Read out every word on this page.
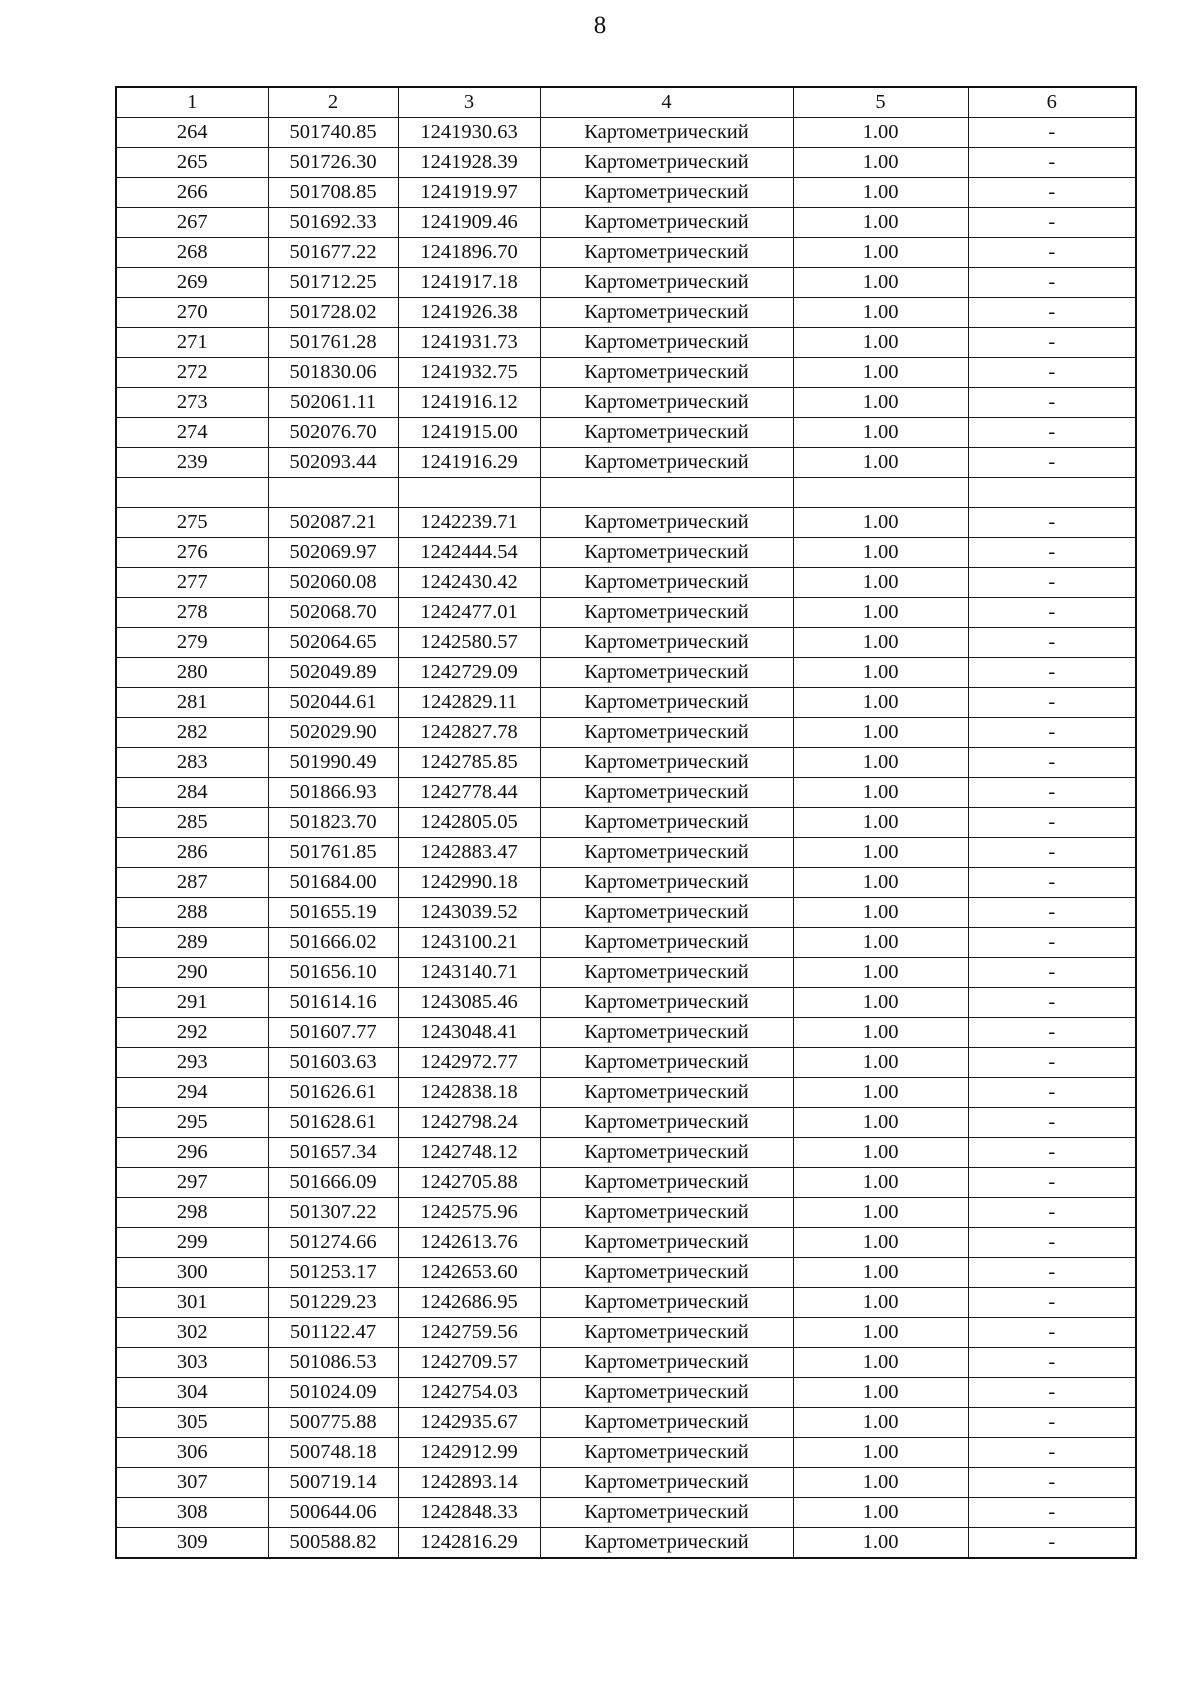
8
1	2	3	4	5	6
264	501740.85	1241930.63	Картометрический	1.00	-
265	501726.30	1241928.39	Картометрический	1.00	-
266	501708.85	1241919.97	Картометрический	1.00	-
267	501692.33	1241909.46	Картометрический	1.00	-
268	501677.22	1241896.70	Картометрический	1.00	-
269	501712.25	1241917.18	Картометрический	1.00	-
270	501728.02	1241926.38	Картометрический	1.00	-
271	501761.28	1241931.73	Картометрический	1.00	-
272	501830.06	1241932.75	Картометрический	1.00	-
273	502061.11	1241916.12	Картометрический	1.00	-
274	502076.70	1241915.00	Картометрический	1.00	-
239	502093.44	1241916.29	Картометрический	1.00	-

275	502087.21	1242239.71	Картометрический	1.00	-
276	502069.97	1242444.54	Картометрический	1.00	-
277	502060.08	1242430.42	Картометрический	1.00	-
278	502068.70	1242477.01	Картометрический	1.00	-
279	502064.65	1242580.57	Картометрический	1.00	-
280	502049.89	1242729.09	Картометрический	1.00	-
281	502044.61	1242829.11	Картометрический	1.00	-
282	502029.90	1242827.78	Картометрический	1.00	-
283	501990.49	1242785.85	Картометрический	1.00	-
284	501866.93	1242778.44	Картометрический	1.00	-
285	501823.70	1242805.05	Картометрический	1.00	-
286	501761.85	1242883.47	Картометрический	1.00	-
287	501684.00	1242990.18	Картометрический	1.00	-
288	501655.19	1243039.52	Картометрический	1.00	-
289	501666.02	1243100.21	Картометрический	1.00	-
290	501656.10	1243140.71	Картометрический	1.00	-
291	501614.16	1243085.46	Картометрический	1.00	-
292	501607.77	1243048.41	Картометрический	1.00	-
293	501603.63	1242972.77	Картометрический	1.00	-
294	501626.61	1242838.18	Картометрический	1.00	-
295	501628.61	1242798.24	Картометрический	1.00	-
296	501657.34	1242748.12	Картометрический	1.00	-
297	501666.09	1242705.88	Картометрический	1.00	-
298	501307.22	1242575.96	Картометрический	1.00	-
299	501274.66	1242613.76	Картометрический	1.00	-
300	501253.17	1242653.60	Картометрический	1.00	-
301	501229.23	1242686.95	Картометрический	1.00	-
302	501122.47	1242759.56	Картометрический	1.00	-
303	501086.53	1242709.57	Картометрический	1.00	-
304	501024.09	1242754.03	Картометрический	1.00	-
305	500775.88	1242935.67	Картометрический	1.00	-
306	500748.18	1242912.99	Картометрический	1.00	-
307	500719.14	1242893.14	Картометрический	1.00	-
308	500644.06	1242848.33	Картометрический	1.00	-
309	500588.82	1242816.29	Картометрический	1.00	-
